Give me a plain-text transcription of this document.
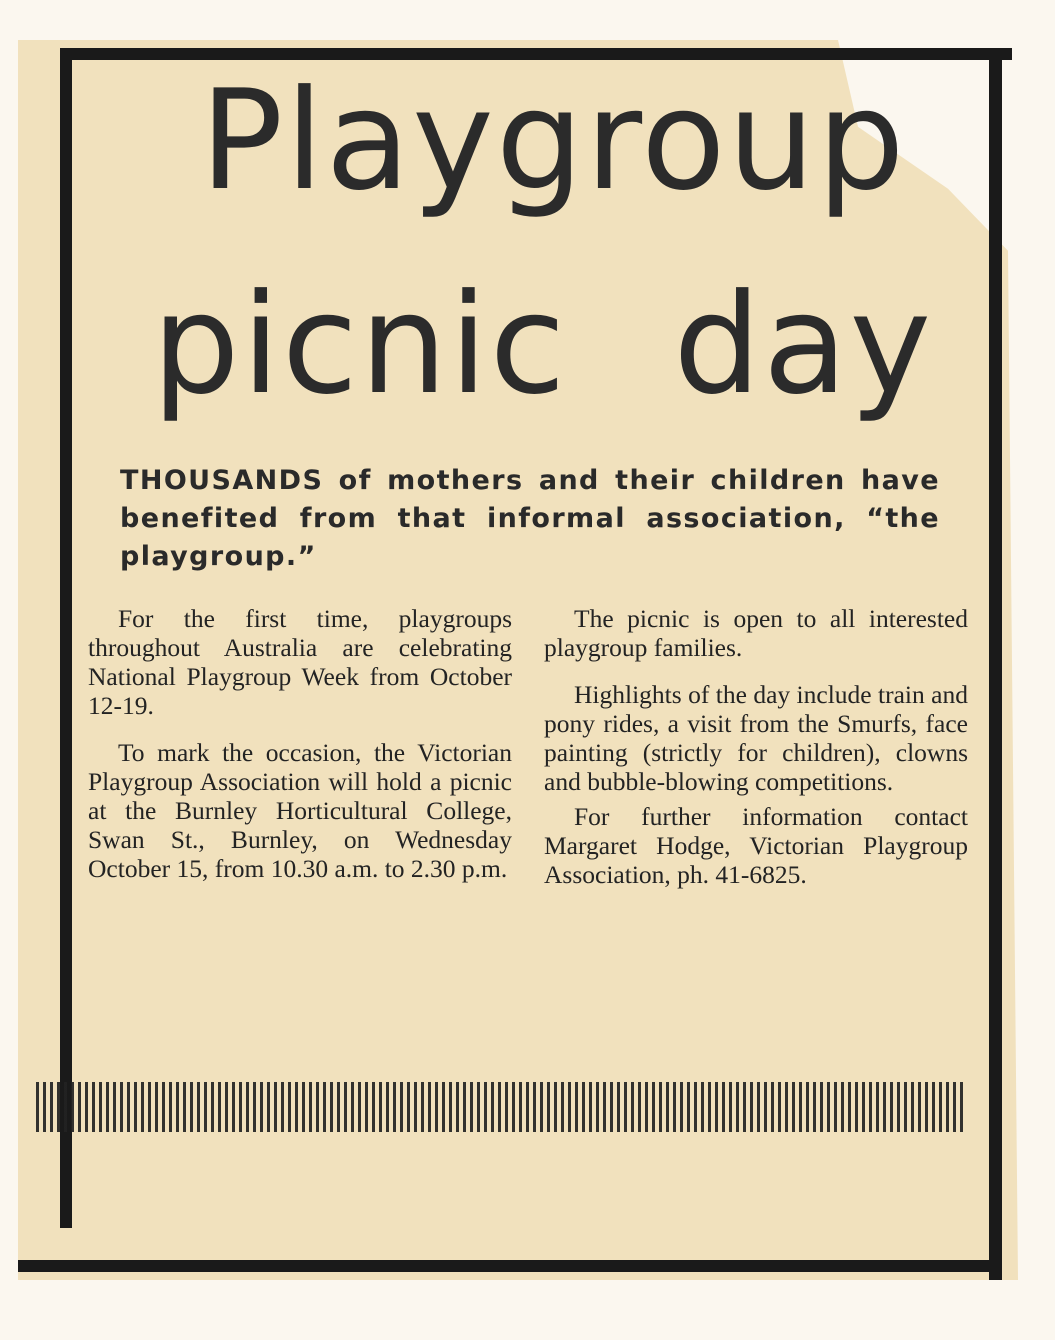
Playgroup
picnic day
THOUSANDS of mothers and their children have benefited from that informal association, “the playgroup.”

For the first time, playgroups throughout Australia are celebrating National Playgroup Week from October 12-19.

To mark the occasion, the Victorian Playgroup Association will hold a picnic at the Burnley Horticultural College, Swan St., Burnley, on Wednesday October 15, from 10.30 a.m. to 2.30 p.m.

The picnic is open to all interested playgroup families.

Highlights of the day include train and pony rides, a visit from the Smurfs, face painting (strictly for children), clowns and bubble-blowing competitions.

For further information contact Margaret Hodge, Victorian Playgroup Association, ph. 41-6825.
